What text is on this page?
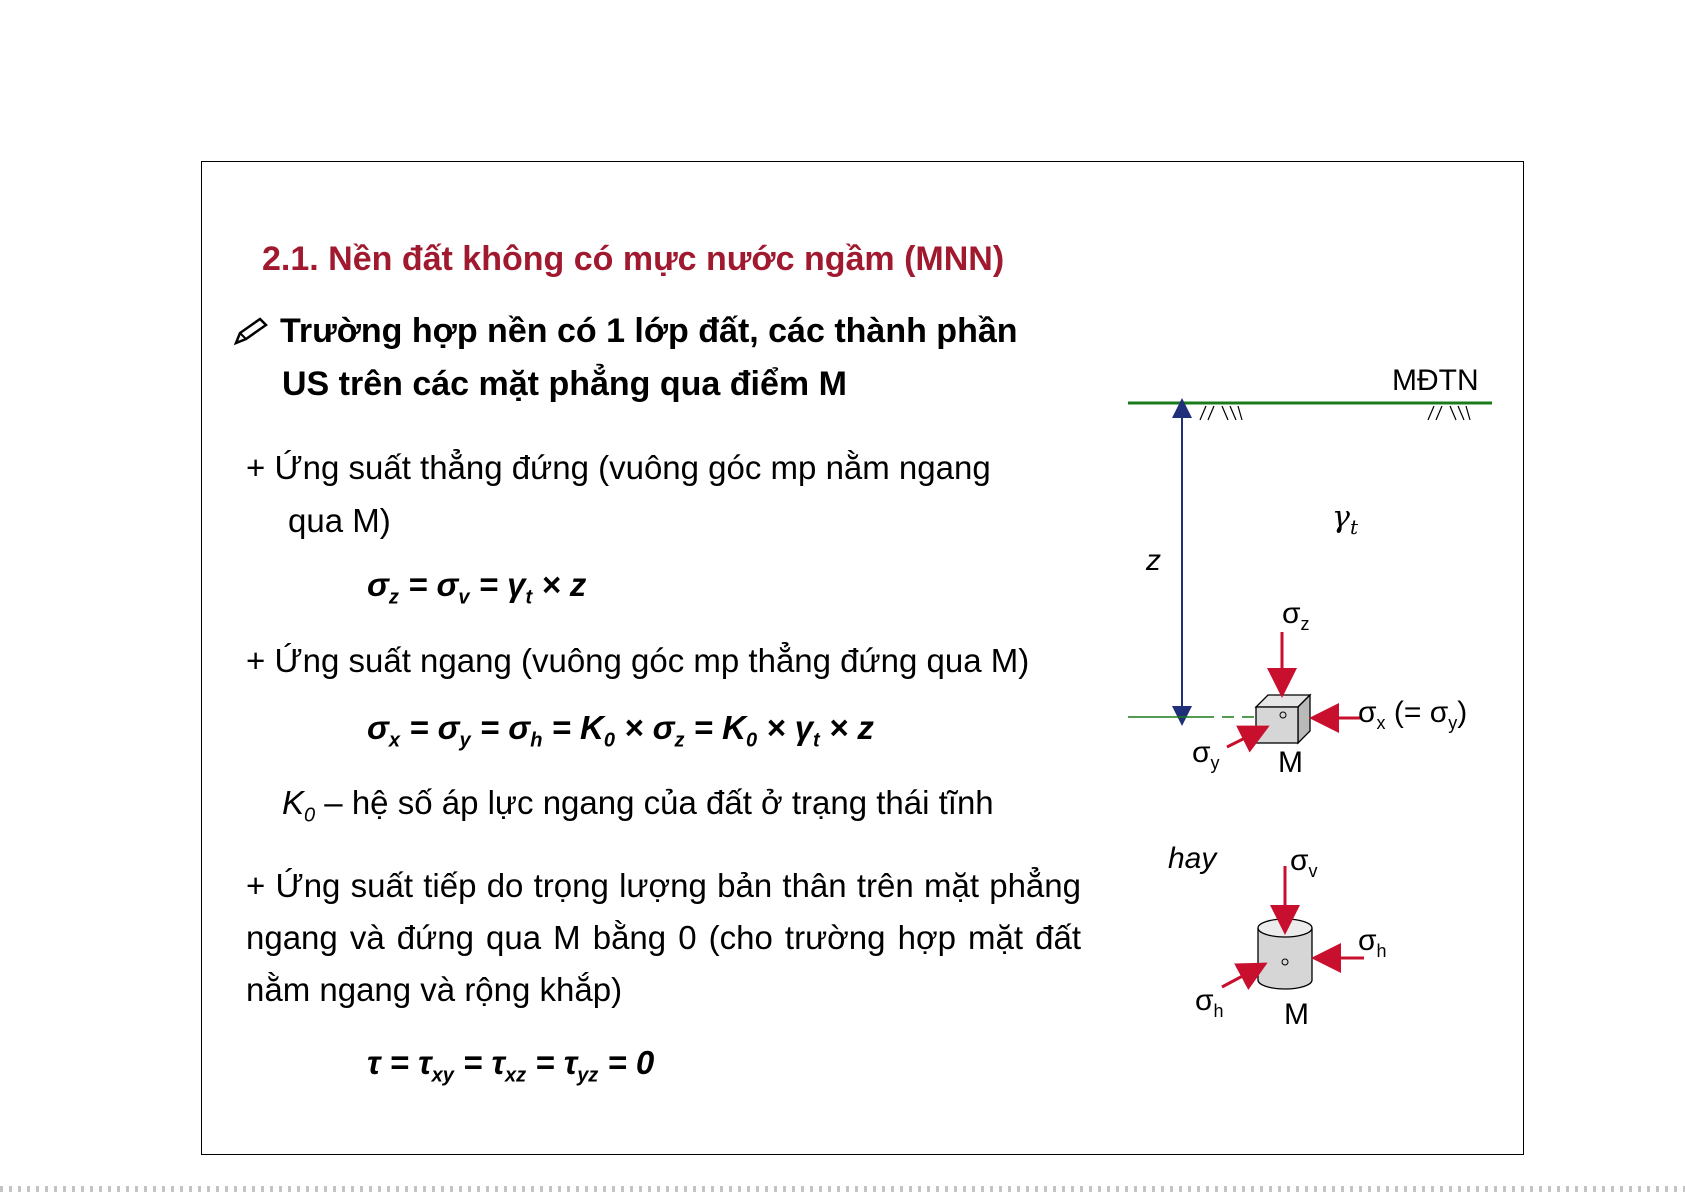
2.1. Nền đất không có mực nước ngầm (MNN)
Trường hợp nền có 1 lớp đất, các thành phần
US trên các mặt phẳng qua điểm M
+ Ứng suất thẳng đứng (vuông góc mp nằm ngang
qua M)
$\sigma_z = \sigma_v = \gamma_t \times z$
+ Ứng suất ngang (vuông góc mp thẳng đứng qua M)
$\sigma_x = \sigma_y = \sigma_h = K_0 \times \sigma_z = K_0 \times \gamma_t \times z$
$K_0$ – hệ số áp lực ngang của đất ở trạng thái tĩnh
+ Ứng suất tiếp do trọng lượng bản thân trên mặt phẳng ngang và đứng qua M bằng 0 (cho trường hợp mặt đất nằm ngang và rộng khắp)
$\tau = \tau_{xy} = \tau_{xz} = \tau_{yz} = 0$
MĐTN
$\gamma_t$
z
$\sigma_z$
$\sigma_x$ (= $\sigma_y$)
$\sigma_y$ M
hay $\sigma_v$
$\sigma_h$
$\sigma_h$ M
